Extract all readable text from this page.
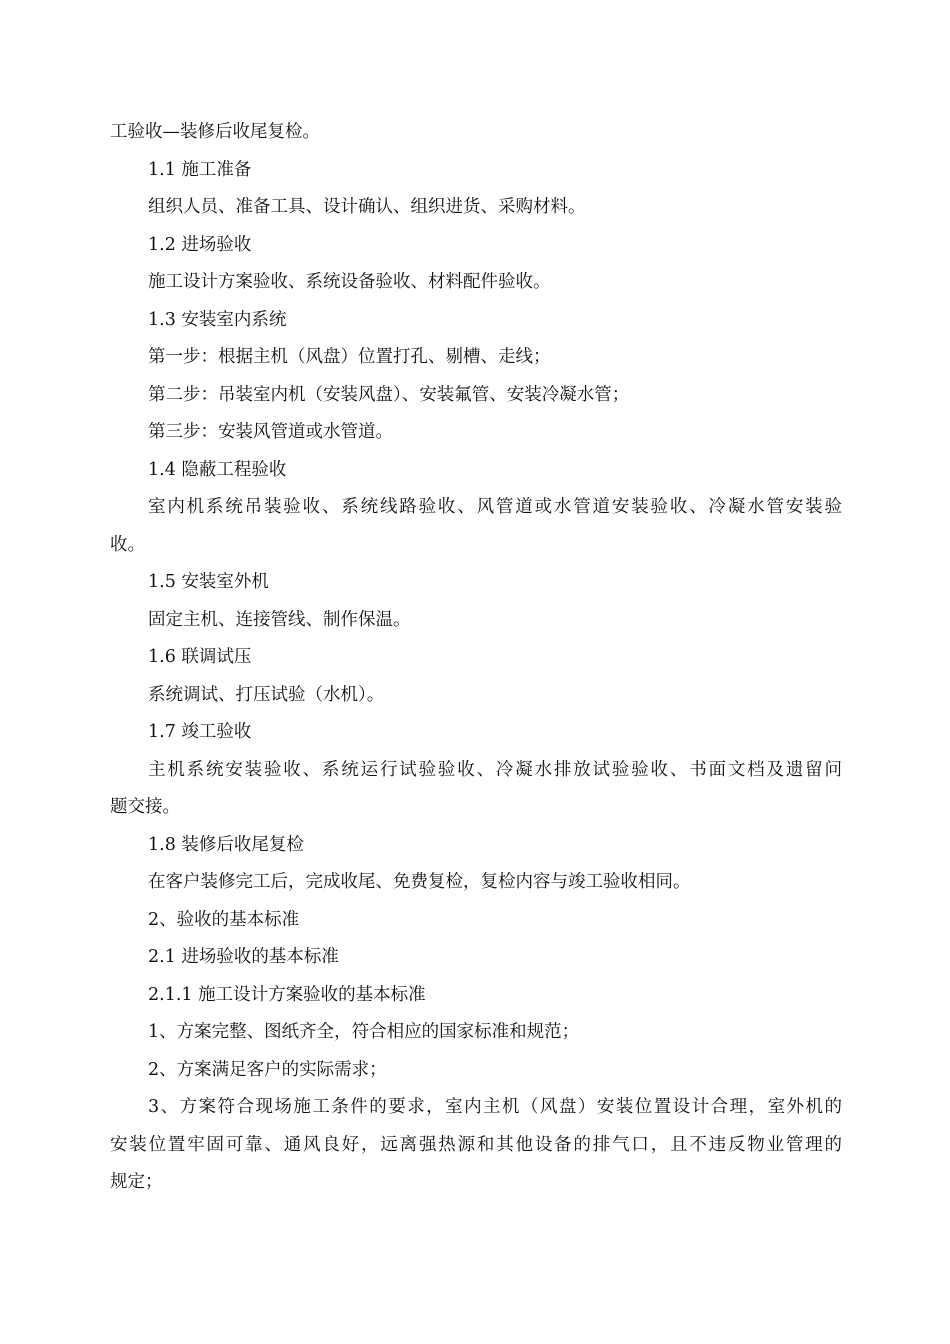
工验收—装修后收尾复检。
1.1 施工准备
组织人员、准备工具、设计确认、组织进货、采购材料。
1.2 进场验收
施工设计方案验收、系统设备验收、材料配件验收。
1.3 安装室内系统
第一步：根据主机（风盘）位置打孔、剔槽、走线；
第二步：吊装室内机（安装风盘）、安装氟管、安装冷凝水管；
第三步：安装风管道或水管道。
1.4 隐蔽工程验收
室内机系统吊装验收、系统线路验收、风管道或水管道安装验收、冷凝水管安装验
收。
1.5 安装室外机
固定主机、连接管线、制作保温。
1.6 联调试压
系统调试、打压试验（水机）。
1.7 竣工验收
主机系统安装验收、系统运行试验验收、冷凝水排放试验验收、书面文档及遗留问
题交接。
1.8 装修后收尾复检
在客户装修完工后，完成收尾、免费复检，复检内容与竣工验收相同。
2、验收的基本标准
2.1 进场验收的基本标准
2.1.1 施工设计方案验收的基本标准
1、方案完整、图纸齐全，符合相应的国家标准和规范；
2、方案满足客户的实际需求；
3、方案符合现场施工条件的要求，室内主机（风盘）安装位置设计合理，室外机的
安装位置牢固可靠、通风良好，远离强热源和其他设备的排气口，且不违反物业管理的
规定；
